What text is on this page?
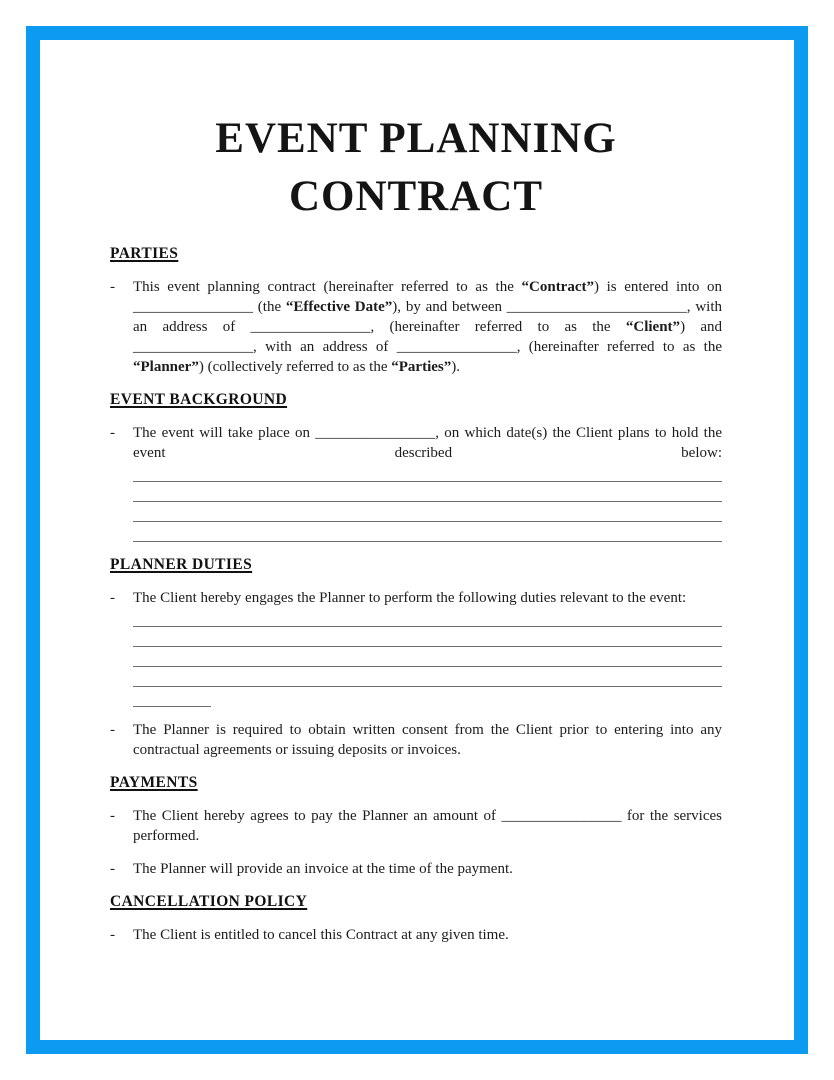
EVENT PLANNING
CONTRACT
PARTIES
-	This event planning contract (hereinafter referred to as the “Contract”) is entered into on ________________ (the “Effective Date”), by and between ________________________, with an address of ________________, (hereinafter referred to as the “Client”) and ________________, with an address of ________________, (hereinafter referred to as the “Planner”) (collectively referred to as the “Parties”).
EVENT BACKGROUND
-	The event will take place on ________________, on which date(s) the Client plans to hold the event described below:
PLANNER DUTIES
-	The Client hereby engages the Planner to perform the following duties relevant to the event:
-	The Planner is required to obtain written consent from the Client prior to entering into any contractual agreements or issuing deposits or invoices.
PAYMENTS
-	The Client hereby agrees to pay the Planner an amount of ________________ for the services performed.
-	The Planner will provide an invoice at the time of the payment.
CANCELLATION POLICY
-	The Client is entitled to cancel this Contract at any given time.
